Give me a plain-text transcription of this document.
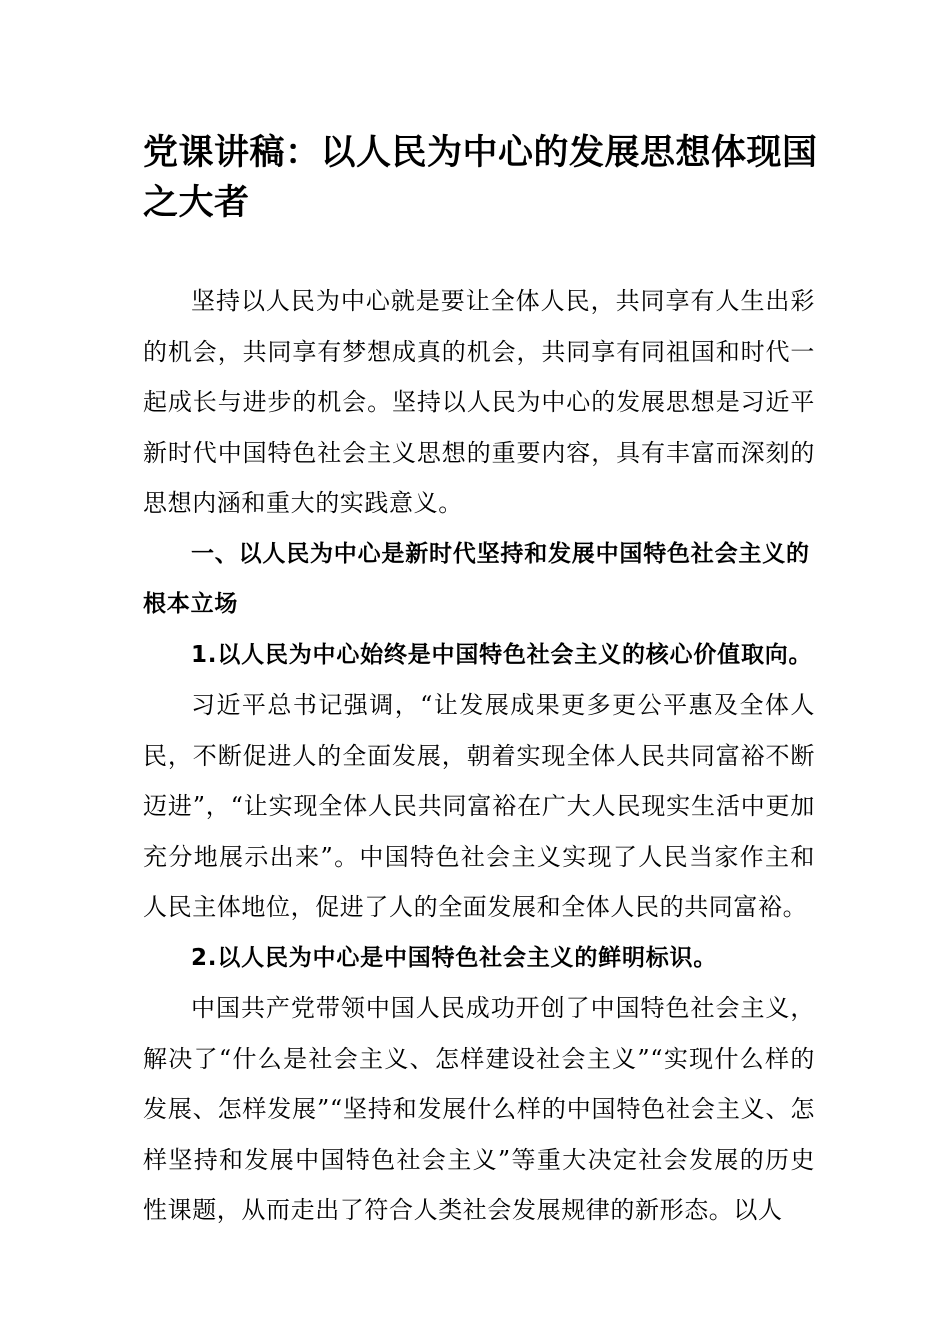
党课讲稿：以人民为中心的发展思想体现国之大者

坚持以人民为中心就是要让全体人民，共同享有人生出彩的机会，共同享有梦想成真的机会，共同享有同祖国和时代一起成长与进步的机会。坚持以人民为中心的发展思想是习近平新时代中国特色社会主义思想的重要内容，具有丰富而深刻的思想内涵和重大的实践意义。

一、以人民为中心是新时代坚持和发展中国特色社会主义的根本立场

1.以人民为中心始终是中国特色社会主义的核心价值取向。

习近平总书记强调，“让发展成果更多更公平惠及全体人民，不断促进人的全面发展，朝着实现全体人民共同富裕不断迈进”，“让实现全体人民共同富裕在广大人民现实生活中更加充分地展示出来”。中国特色社会主义实现了人民当家作主和人民主体地位，促进了人的全面发展和全体人民的共同富裕。

2.以人民为中心是中国特色社会主义的鲜明标识。

中国共产党带领中国人民成功开创了中国特色社会主义，解决了“什么是社会主义、怎样建设社会主义”“实现什么样的发展、怎样发展”“坚持和发展什么样的中国特色社会主义、怎样坚持和发展中国特色社会主义”等重大决定社会发展的历史性课题，从而走出了符合人类社会发展规律的新形态。以人
